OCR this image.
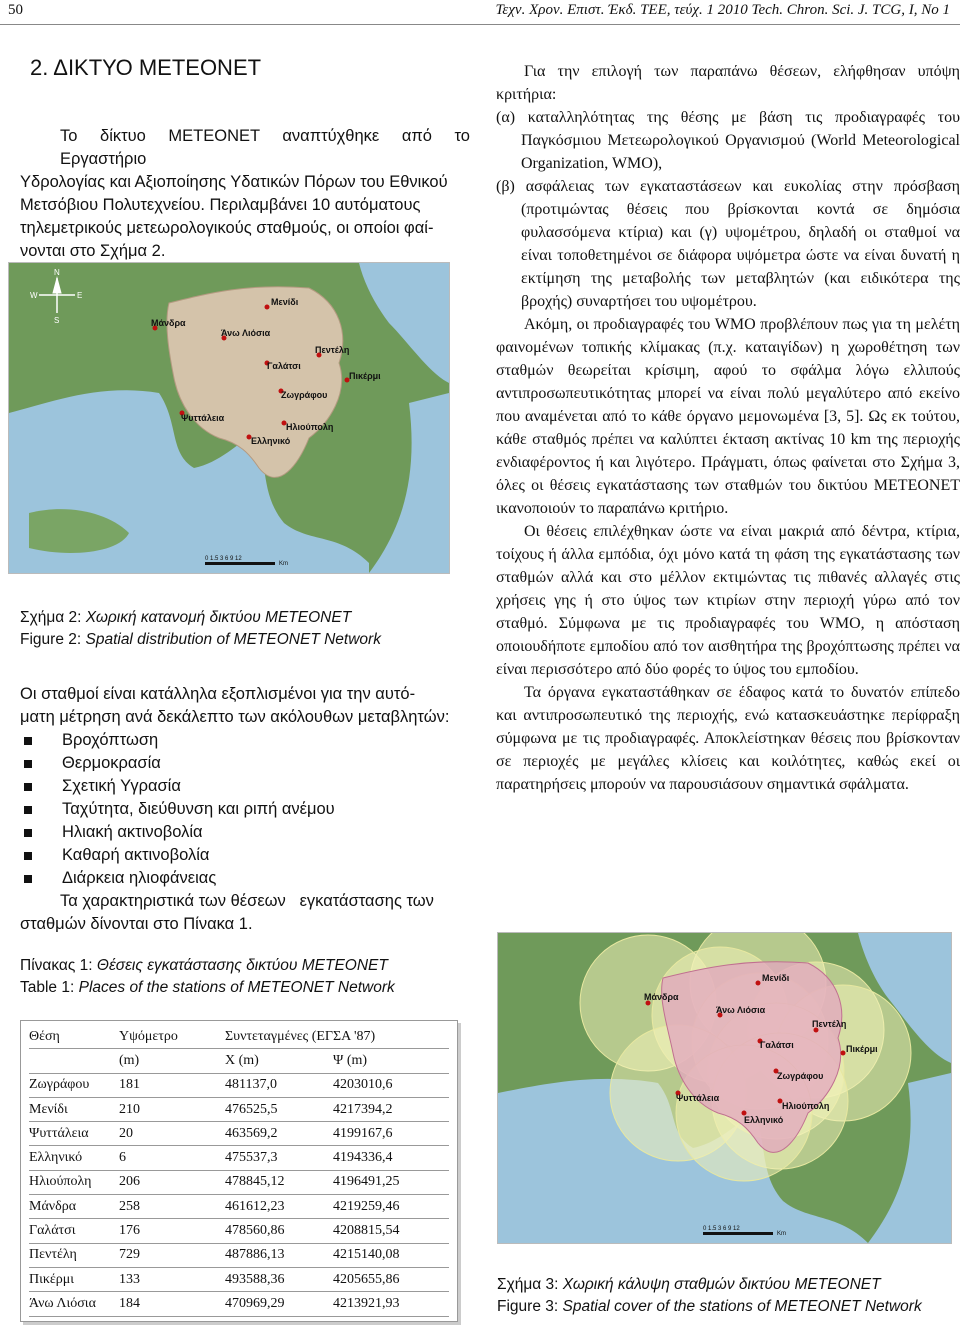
50	Τεχν. Χρον. Επιστ. Έκδ. ΤΕΕ, τεύχ. 1 2010 Tech. Chron. Sci. J. TCG, I, No 1
2. ΔΙΚΤΥΟ ΜΕΤΕΟΝΕΤ
Το δίκτυο ΜΕΤΕΟΝΕΤ αναπτύχθηκε από το Εργαστήριο
Υδρολογίας και Αξιοποίησης Υδατικών Πόρων του Εθνικού
Μετσόβιου Πολυτεχνείου. Περιλαμβάνει 10 αυτόματους
τηλεμετρικούς μετεωρολογικούς σταθμούς, οι οποίοι φαί-
νονται στο Σχήμα 2.
Μενίδι
Μάνδρα
Άνω Λιόσια
Πεντέλη
Γαλάτσι
Πικέρμι
Ζωγράφου
Ψυττάλεια
Ηλιούπολη
Ελληνικό
N
W	E
S
0 1.5 3 6 9 12
Km
Σχήμα 2: Χωρική κατανομή δικτύου ΜΕΤΕΟΝΕΤ
Figure 2: Spatial distribution of METEONET Network
Οι σταθμοί είναι κατάλληλα εξοπλισμένοι για την αυτό-
ματη μέτρηση ανά δεκάλεπτο των ακόλουθων μεταβλητών:
Βροχόπτωση
Θερμοκρασία
Σχετική Υγρασία
Ταχύτητα, διεύθυνση και ριπή ανέμου
Ηλιακή ακτινοβολία
Καθαρή ακτινοβολία
Διάρκεια ηλιοφάνειας
Τα χαρακτηριστικά των θέσεων   εγκατάστασης των
σταθμών δίνονται στο Πίνακα 1.
Πίνακας 1: Θέσεις εγκατάστασης δικτύου ΜΕΤΕΟΝΕΤ
Table 1: Places of the stations of METEONET Network
Θέση	Υψόμετρο	Συντεταγμένες (ΕΓΣΑ '87)	
	(m)	Χ (m)	Ψ (m)
Ζωγράφου	181	481137,0	4203010,6
Μενίδι	210	476525,5	4217394,2
Ψυττάλεια	20	463569,2	4199167,6
Ελληνικό	6	475537,3	4194336,4
Ηλιούπολη	206	478845,12	4196491,25
Μάνδρα	258	461612,23	4219259,46
Γαλάτσι	176	478560,86	4208815,54
Πεντέλη	729	487886,13	4215140,08
Πικέρμι	133	493588,36	4205655,86
Άνω Λιόσια	184	470969,29	4213921,93

Για την επιλογή των παραπάνω θέσεων, ελήφθησαν υπόψη κριτήρια:

(α) καταλληλότητας της θέσης με βάση τις προδιαγραφές του Παγκόσμιου Μετεωρολογικού Οργανισμού (World Meteorological Organization, WMO),

(β) ασφάλειας των εγκαταστάσεων και ευκολίας στην πρόσβαση (προτιμώντας θέσεις που βρίσκονται κοντά σε δημόσια φυλασσόμενα κτίρια) και (γ) υψομέτρου, δηλαδή οι σταθμοί να είναι τοποθετημένοι σε διάφορα υψόμετρα ώστε να είναι δυνατή η εκτίμηση της μεταβολής των μεταβλητών (και ειδικότερα της βροχής) συναρτήσει του υψομέτρου.

Ακόμη, οι προδιαγραφές του WMO προβλέπουν πως για τη μελέτη φαινομένων τοπικής κλίμακας (π.χ. καταιγίδων) η χωροθέτηση των σταθμών θεωρείται κρίσιμη, αφού το σφάλμα λόγω ελλιπούς αντιπροσωπευτικότητας μπορεί να είναι πολύ μεγαλύτερο από εκείνο που αναμένεται από το κάθε όργανο μεμονωμένα [3, 5]. Ως εκ τούτου, κάθε σταθμός πρέπει να καλύπτει έκταση ακτίνας 10 km της περιοχής ενδιαφέροντος ή και λιγότερο. Πράγματι, όπως φαίνεται στο Σχήμα 3, όλες οι θέσεις εγκατάστασης των σταθμών του δικτύου ΜΕΤΕΟΝΕΤ ικανοποιούν το παραπάνω κριτήριο.

Οι θέσεις επιλέχθηκαν ώστε να είναι μακριά από δέντρα, κτίρια, τοίχους ή άλλα εμπόδια, όχι μόνο κατά τη φάση της εγκατάστασης των σταθμών αλλά και στο μέλλον εκτιμώντας τις πιθανές αλλαγές στις χρήσεις γης ή στο ύψος των κτιρίων στην περιοχή γύρω από τον σταθμό. Σύμφωνα με τις προδιαγραφές του WMO, η απόσταση οποιουδήποτε εμποδίου από τον αισθητήρα της βροχόπτωσης πρέπει να είναι περισσότερο από δύο φορές το ύψος του εμποδίου.

Τα όργανα εγκαταστάθηκαν σε έδαφος κατά το δυνατόν επίπεδο και αντιπροσωπευτικό της περιοχής, ενώ κατασκευάστηκε περίφραξη σύμφωνα με τις προδιαγραφές. Αποκλείστηκαν θέσεις που βρίσκονταν σε περιοχές με μεγάλες κλίσεις και κοιλότητες, καθώς εκεί οι παρατηρήσεις μπορούν να παρουσιάσουν σημαντικά σφάλματα.

Μενίδι
Μάνδρα
Άνω Λιόσια
Πεντέλη
Γαλάτσι	Πικέρμι
Ζωγράφου
Ψυττάλεια
Ηλιούπολη
Ελληνικό
0 1.5 3 6 9 12
Km
Σχήμα 3: Χωρική κάλυψη σταθμών δικτύου ΜΕΤΕΟΝΕΤ
Figure 3: Spatial cover of the stations of METEONET Network
